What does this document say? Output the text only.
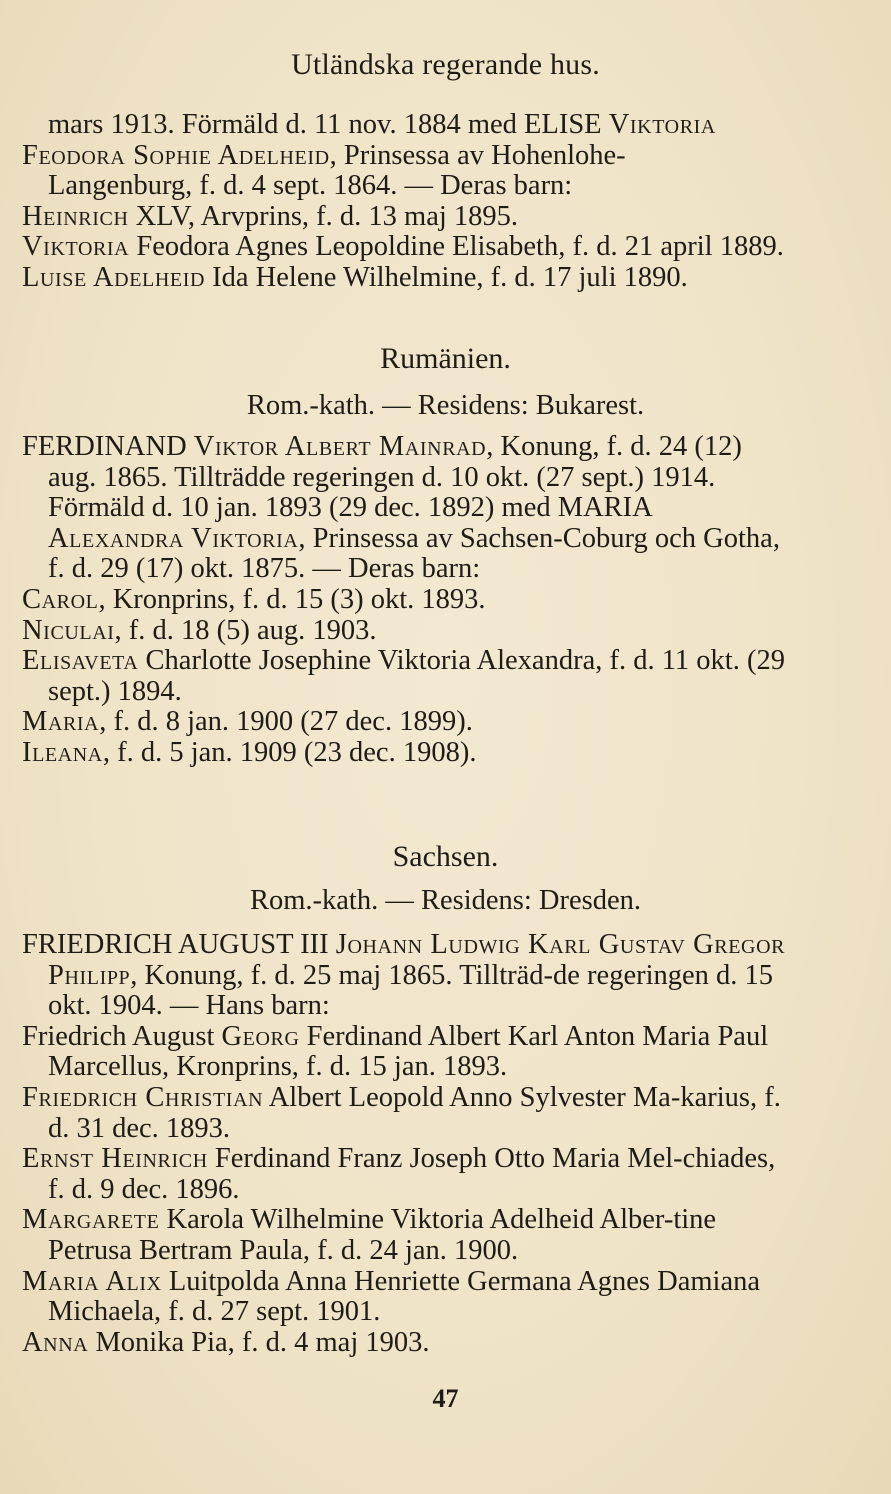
Utländska regerande hus.

mars 1913. Förmäld d. 11 nov. 1884 med ELISE Viktoria

Feodora Sophie Adelheid, Prinsessa av Hohenlohe-

Langenburg, f. d. 4 sept. 1864. — Deras barn:

Heinrich XLV, Arvprins, f. d. 13 maj 1895.

Viktoria Feodora Agnes Leopoldine Elisabeth, f. d. 21 april 1889.

Luise Adelheid Ida Helene Wilhelmine, f. d. 17 juli 1890.

Rumänien.
Rom.-kath. — Residens: Bukarest.

FERDINAND Viktor Albert Mainrad, Konung, f. d. 24 (12) aug. 1865. Tillträdde regeringen d. 10 okt. (27 sept.) 1914. Förmäld d. 10 jan. 1893 (29 dec. 1892) med MARIA Alexandra Viktoria, Prinsessa av Sachsen-Coburg och Gotha, f. d. 29 (17) okt. 1875. — Deras barn:

Carol, Kronprins, f. d. 15 (3) okt. 1893.

Niculai, f. d. 18 (5) aug. 1903.

Elisaveta Charlotte Josephine Viktoria Alexandra, f. d. 11 okt. (29 sept.) 1894.

Maria, f. d. 8 jan. 1900 (27 dec. 1899).

Ileana, f. d. 5 jan. 1909 (23 dec. 1908).

Sachsen.
Rom.-kath. — Residens: Dresden.

FRIEDRICH AUGUST III Johann Ludwig Karl Gustav Gregor Philipp, Konung, f. d. 25 maj 1865. Tillträd-de regeringen d. 15 okt. 1904. — Hans barn:

Friedrich August Georg Ferdinand Albert Karl Anton Maria Paul Marcellus, Kronprins, f. d. 15 jan. 1893.

Friedrich Christian Albert Leopold Anno Sylvester Ma-karius, f. d. 31 dec. 1893.

Ernst Heinrich Ferdinand Franz Joseph Otto Maria Mel-chiades, f. d. 9 dec. 1896.

Margarete Karola Wilhelmine Viktoria Adelheid Alber-tine Petrusa Bertram Paula, f. d. 24 jan. 1900.

Maria Alix Luitpolda Anna Henriette Germana Agnes Damiana Michaela, f. d. 27 sept. 1901.

Anna Monika Pia, f. d. 4 maj 1903.

47
